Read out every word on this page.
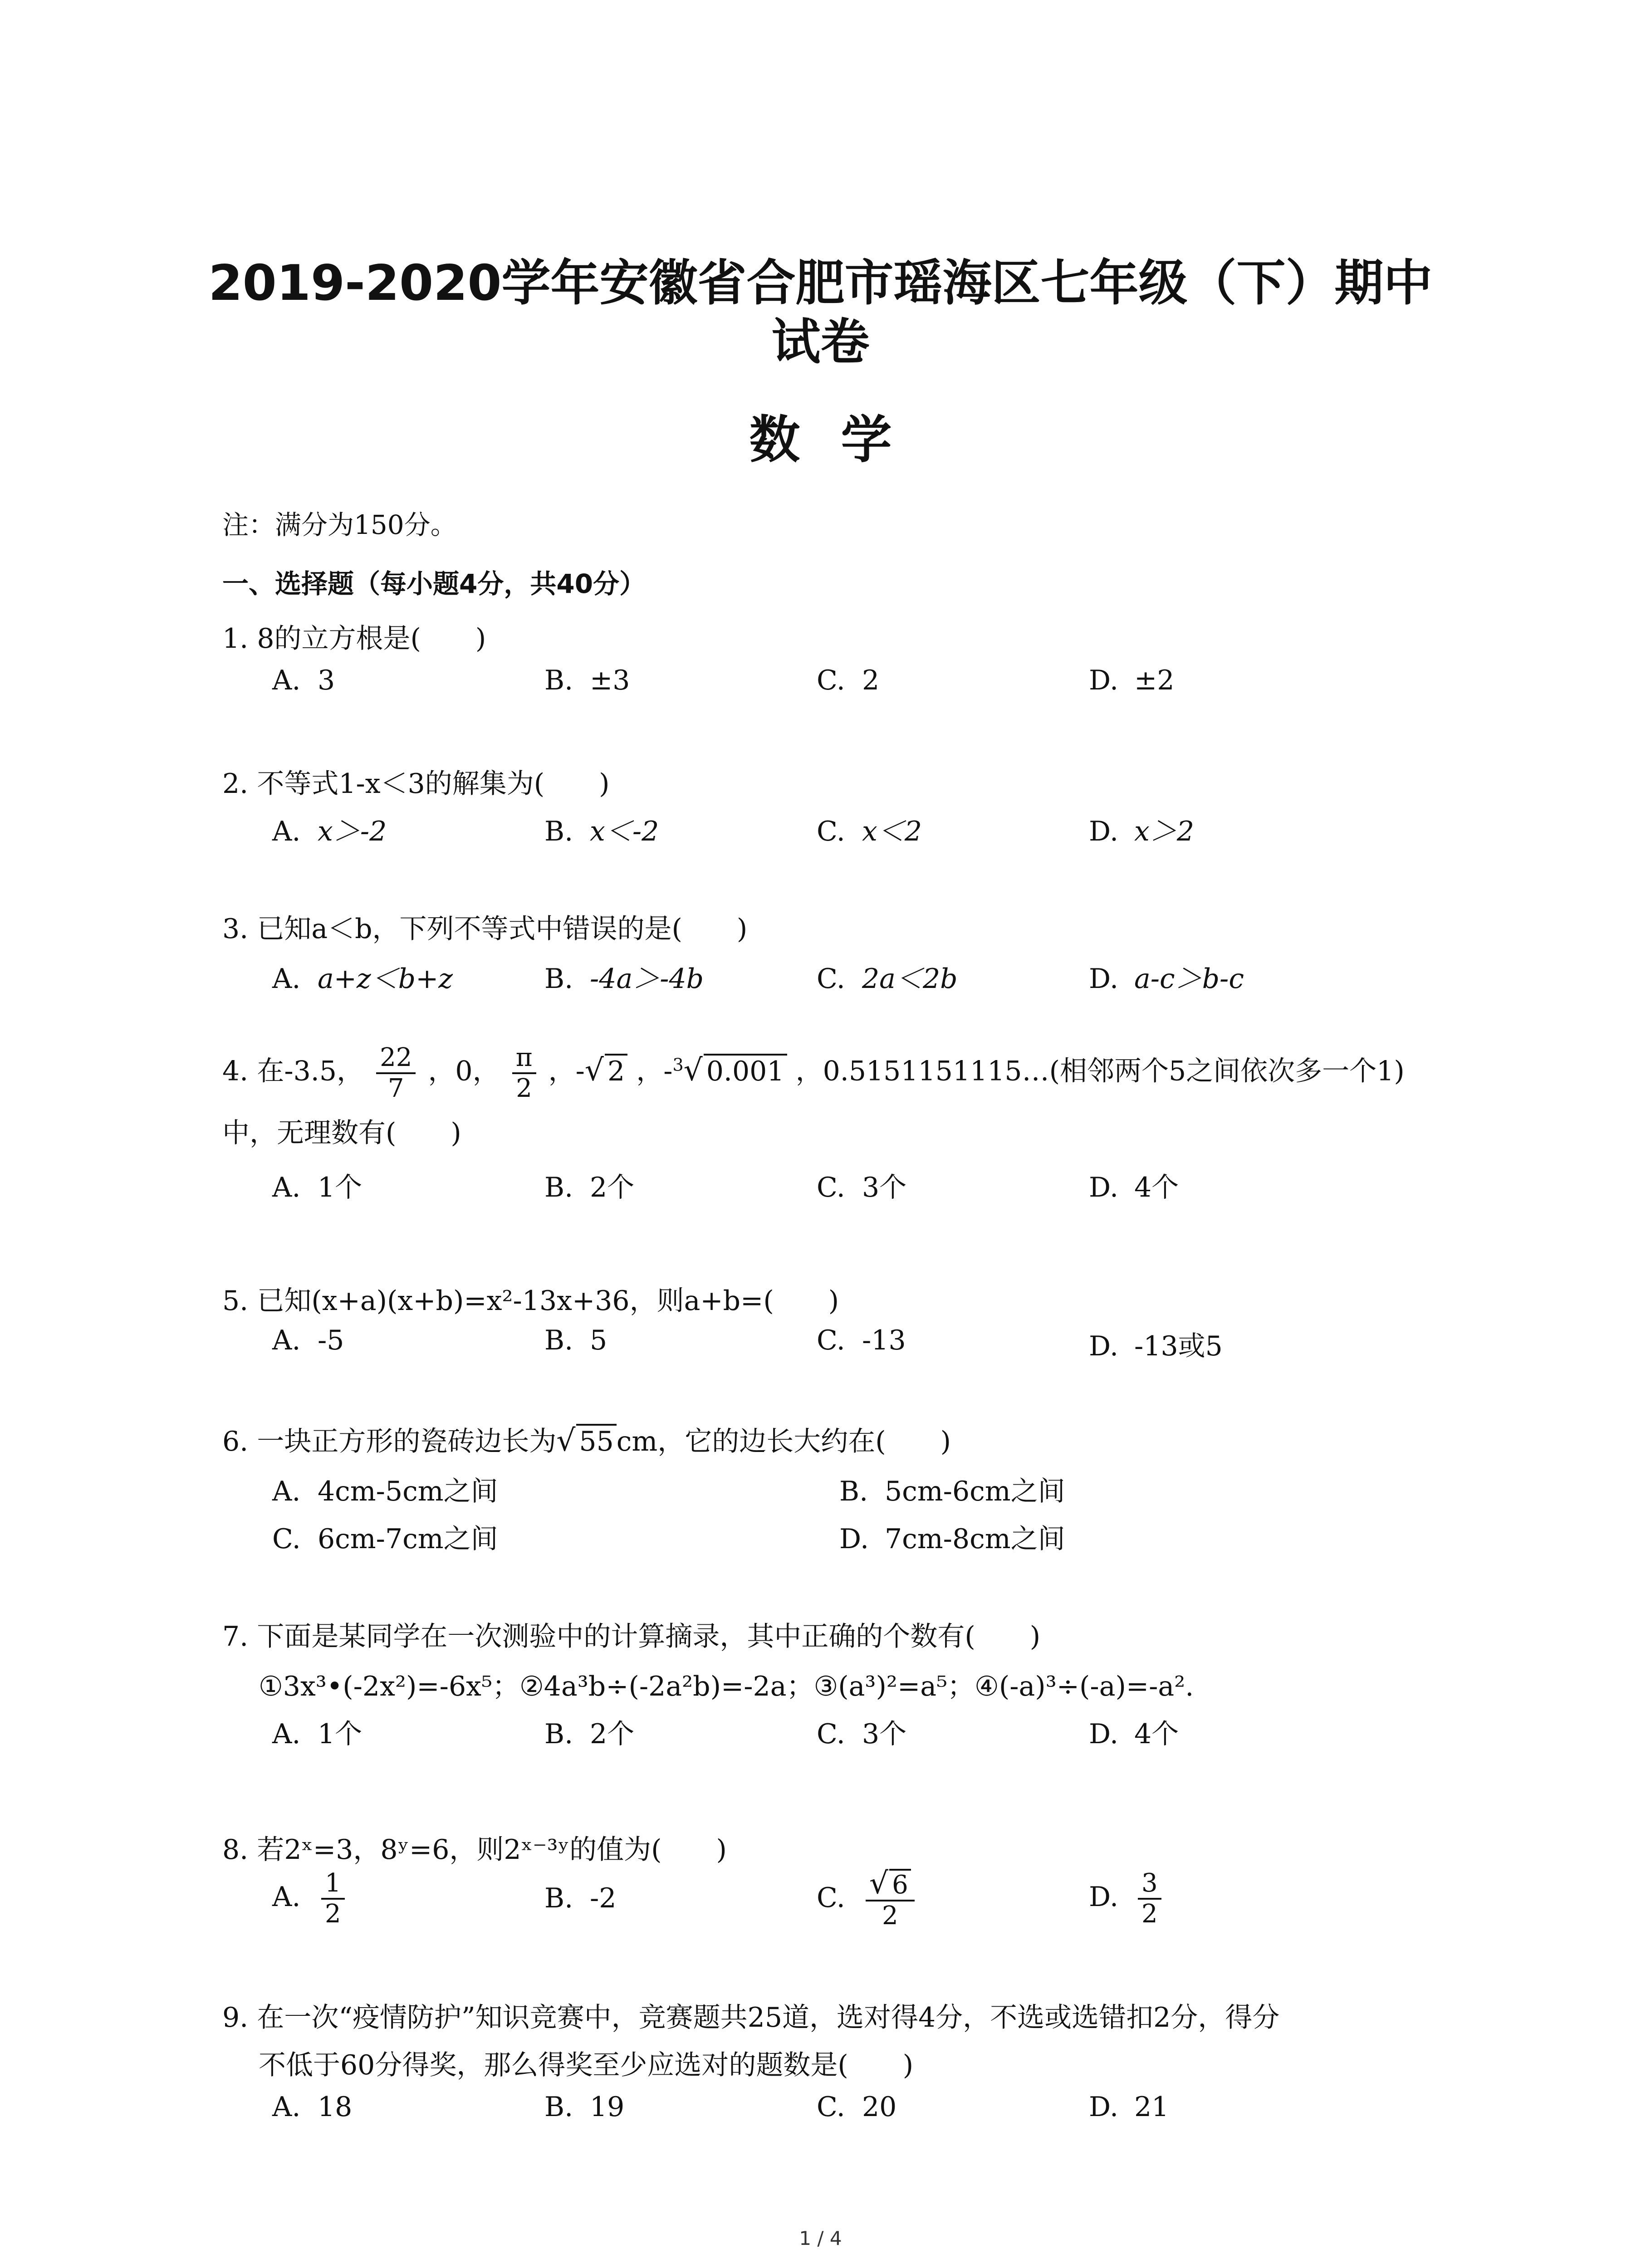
2019-2020学年安徽省合肥市瑶海区七年级（下）期中
试卷
数学
注：满分为150分。
一、选择题（每小题4分，共40分）
1. 8的立方根是(　　)
A. 3	B. ±3	C. 2	D. ±2
2. 不等式1-x＜3的解集为(　　)
A. x＞-2	B. x＜-2	C. x＜2	D. x＞2
3. 已知a＜b，下列不等式中错误的是(　　)
A. a+z＜b+z	B. -4a＞-4b	C. 2a＜2b	D. a-c＞b-c
4. 在-3.5， $\frac{22}{7}$ ，0， $\frac{\pi}{2}$ ，-√ 2 ，-$^3$√ 0.001 ，0.5151151115…(相邻两个5之间依次多一个1)
中，无理数有(　　)
A. 1个	B. 2个	C. 3个	D. 4个
5. 已知(x+a)(x+b)=x²-13x+36，则a+b=(　　)
A. -5	B. 5	C. -13	D. -13或5
6. 一块正方形的瓷砖边长为√ 55 cm，它的边长大约在(　　)
A. 4cm-5cm之间	B. 5cm-6cm之间
C. 6cm-7cm之间	D. 7cm-8cm之间
7. 下面是某同学在一次测验中的计算摘录，其中正确的个数有(　　)
①3x³•(-2x²)=-6x⁵；②4a³b÷(-2a²b)=-2a；③(a³)²=a⁵；④(-a)³÷(-a)=-a².
A. 1个	B. 2个	C. 3个	D. 4个
8. 若2ˣ=3，8ʸ=6，则2ˣ⁻³ʸ的值为(　　)
A. $\frac{1}{2}$	B. -2	C. $\frac{√ 6}{2}$	D. $\frac{3}{2}$
9. 在一次“疫情防护”知识竞赛中，竞赛题共25道，选对得4分，不选或选错扣2分，得分
不低于60分得奖，那么得奖至少应选对的题数是(　　)
A. 18	B. 19	C. 20	D. 21
1 / 4
